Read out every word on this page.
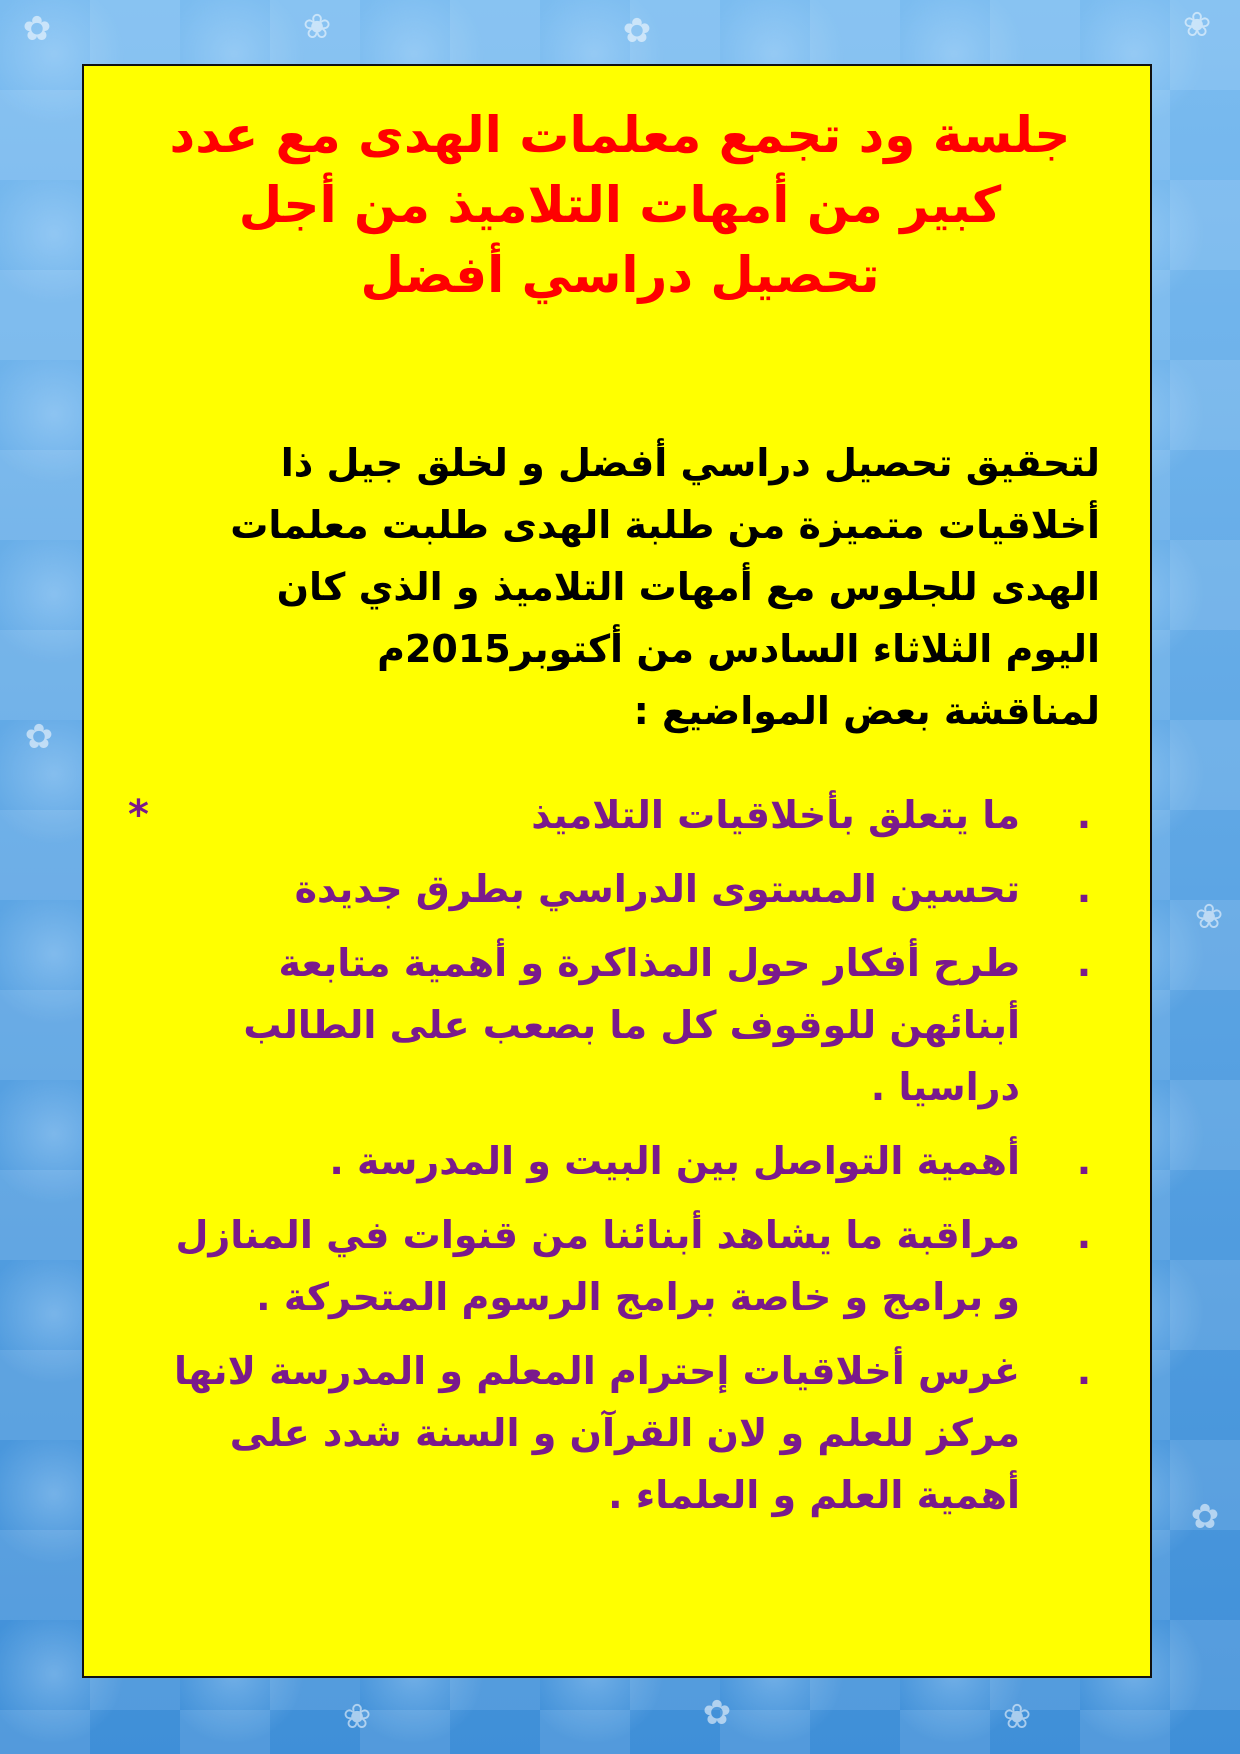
✿	❀	✿	❀
✿
❀
✿
❀	✿	❀
جلسة ود تجمع معلمات الهدى مع عدد
كبير من أمهات التلاميذ من أجل
تحصيل دراسي أفضل
لتحقيق تحصيل دراسي أفضل و لخلق جيل ذا
أخلاقيات متميزة من طلبة الهدى طلبت معلمات
الهدى للجلوس مع أمهات التلاميذ و الذي كان
اليوم الثلاثاء السادس من أكتوبر2015م
لمناقشة بعض المواضيع :
*	.
ما يتعلق بأخلاقيات التلاميذ
.
تحسين المستوى الدراسي بطرق جديدة
.
طرح أفكار حول المذاكرة و أهمية متابعة
أبنائهن للوقوف كل ما بصعب على الطالب
دراسيا .
.
أهمية التواصل بين البيت و المدرسة .
.
مراقبة ما يشاهد أبنائنا من قنوات في المنازل
و برامج و خاصة برامج الرسوم المتحركة .
.
غرس أخلاقيات إحترام المعلم و المدرسة لانها
مركز للعلم و لان القرآن و السنة شدد على
أهمية العلم و العلماء .
